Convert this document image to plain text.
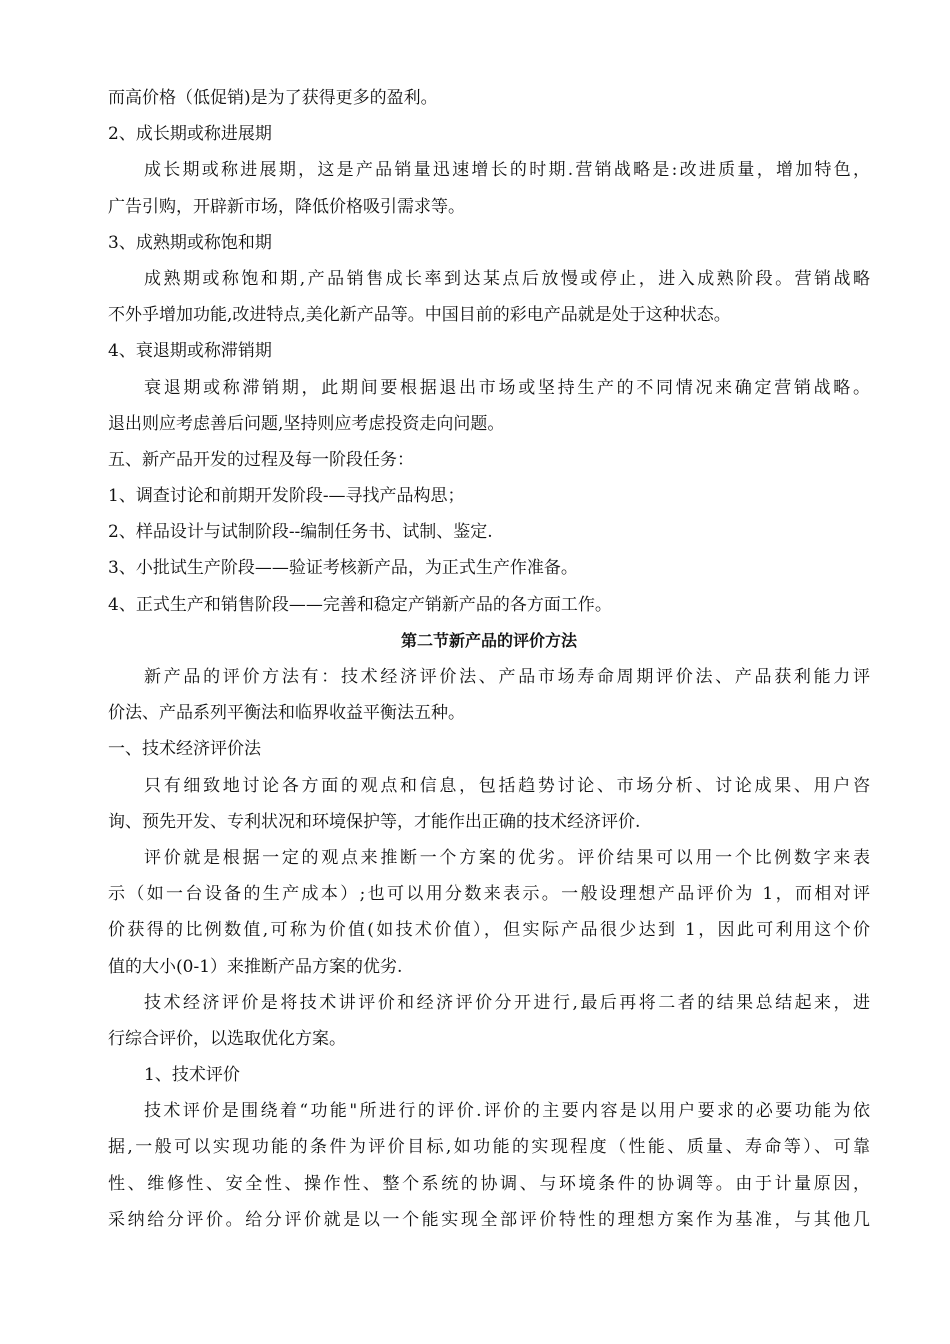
而高价格（低促销)是为了获得更多的盈利。
2、成长期或称进展期
成长期或称进展期，这是产品销量迅速增长的时期.营销战略是:改进质量，增加特色，
广告引购，开辟新市场，降低价格吸引需求等。
3、成熟期或称饱和期
成熟期或称饱和期,产品销售成长率到达某点后放慢或停止，进入成熟阶段。营销战略
不外乎增加功能,改进特点,美化新产品等。中国目前的彩电产品就是处于这种状态。
4、衰退期或称滞销期
衰退期或称滞销期，此期间要根据退出市场或坚持生产的不同情况来确定营销战略。
退出则应考虑善后问题,坚持则应考虑投资走向问题。
五、新产品开发的过程及每一阶段任务：
1、调查讨论和前期开发阶段-—寻找产品构思；
2、样品设计与试制阶段--编制任务书、试制、鉴定.
3、小批试生产阶段——验证考核新产品，为正式生产作准备。
4、正式生产和销售阶段——完善和稳定产销新产品的各方面工作。
第二节新产品的评价方法
新产品的评价方法有：技术经济评价法、产品市场寿命周期评价法、产品获利能力评
价法、产品系列平衡法和临界收益平衡法五种。
一、技术经济评价法
只有细致地讨论各方面的观点和信息，包括趋势讨论、市场分析、讨论成果、用户咨
询、预先开发、专利状况和环境保护等，才能作出正确的技术经济评价.
评价就是根据一定的观点来推断一个方案的优劣。评价结果可以用一个比例数字来表
示（如一台设备的生产成本）;也可以用分数来表示。一般设理想产品评价为 1，而相对评
价获得的比例数值,可称为价值(如技术价值），但实际产品很少达到 1，因此可利用这个价
值的大小(0-1）来推断产品方案的优劣.
技术经济评价是将技术讲评价和经济评价分开进行,最后再将二者的结果总结起来，进
行综合评价，以选取优化方案。
1、技术评价
技术评价是围绕着“功能"所进行的评价.评价的主要内容是以用户要求的必要功能为依
据,一般可以实现功能的条件为评价目标,如功能的实现程度（性能、质量、寿命等）、可靠
性、维修性、安全性、操作性、整个系统的协调、与环境条件的协调等。由于计量原因，
采纳给分评价。给分评价就是以一个能实现全部评价特性的理想方案作为基准，与其他几
